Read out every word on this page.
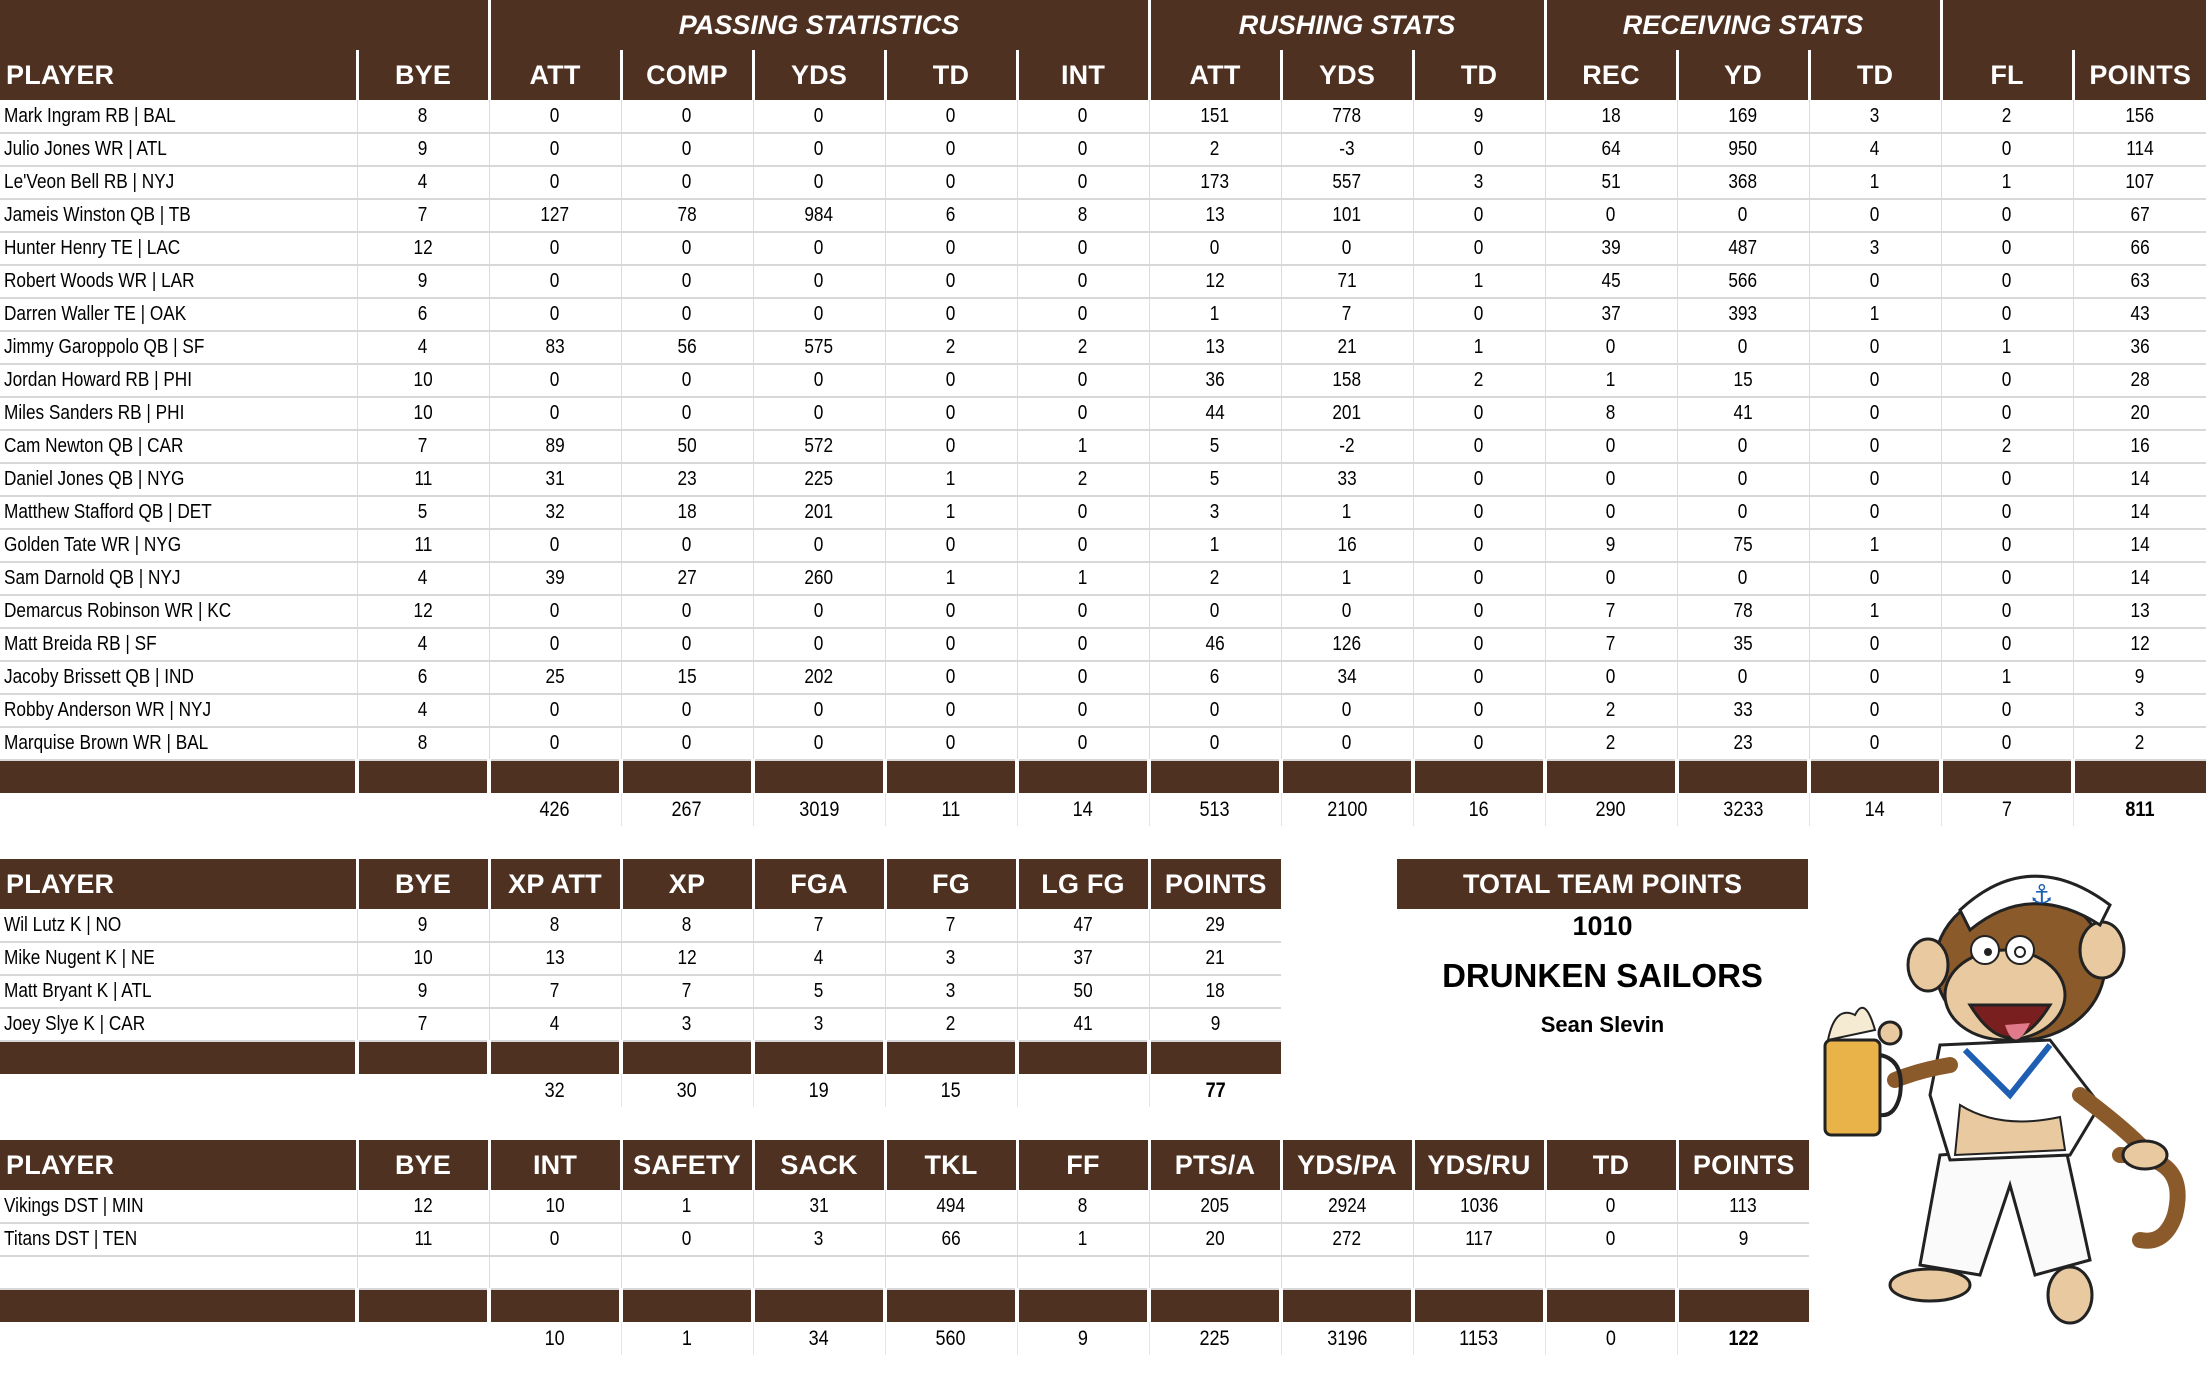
		PASSING STATISTICS					RUSHING STATS			RECEIVING STATS				
PLAYER	BYE	ATT	COMP	YDS	TD	INT	ATT	YDS	TD	REC	YD	TD	FL	POINTS
Mark Ingram RB | BAL	8	0	0	0	0	0	151	778	9	18	169	3	2	156
Julio Jones WR | ATL	9	0	0	0	0	0	2	-3	0	64	950	4	0	114
Le'Veon Bell RB | NYJ	4	0	0	0	0	0	173	557	3	51	368	1	1	107
Jameis Winston QB | TB	7	127	78	984	6	8	13	101	0	0	0	0	0	67
Hunter Henry TE | LAC	12	0	0	0	0	0	0	0	0	39	487	3	0	66
Robert Woods WR | LAR	9	0	0	0	0	0	12	71	1	45	566	0	0	63
Darren Waller TE | OAK	6	0	0	0	0	0	1	7	0	37	393	1	0	43
Jimmy Garoppolo QB | SF	4	83	56	575	2	2	13	21	1	0	0	0	1	36
Jordan Howard RB | PHI	10	0	0	0	0	0	36	158	2	1	15	0	0	28
Miles Sanders RB | PHI	10	0	0	0	0	0	44	201	0	8	41	0	0	20
Cam Newton QB | CAR	7	89	50	572	0	1	5	-2	0	0	0	0	2	16
Daniel Jones QB | NYG	11	31	23	225	1	2	5	33	0	0	0	0	0	14
Matthew Stafford QB | DET	5	32	18	201	1	0	3	1	0	0	0	0	0	14
Golden Tate WR | NYG	11	0	0	0	0	0	1	16	0	9	75	1	0	14
Sam Darnold QB | NYJ	4	39	27	260	1	1	2	1	0	0	0	0	0	14
Demarcus Robinson WR | KC	12	0	0	0	0	0	0	0	0	7	78	1	0	13
Matt Breida RB | SF	4	0	0	0	0	0	46	126	0	7	35	0	0	12
Jacoby Brissett QB | IND	6	25	15	202	0	0	6	34	0	0	0	0	1	9
Robby Anderson WR | NYJ	4	0	0	0	0	0	0	0	0	2	33	0	0	3
Marquise Brown WR | BAL	8	0	0	0	0	0	0	0	0	2	23	0	0	2

		426	267	3019	11	14	513	2100	16	290	3233	14	7	811
PLAYER	BYE	XP ATT	XP	FGA	FG	LG FG	POINTS
Wil Lutz K | NO	9	8	8	7	7	47	29
Mike Nugent K | NE	10	13	12	4	3	37	21
Matt Bryant K | ATL	9	7	7	5	3	50	18
Joey Slye K | CAR	7	4	3	3	2	41	9

		32	30	19	15		77
PLAYER	BYE	INT	SAFETY	SACK	TKL	FF	PTS/A	YDS/PA	YDS/RU	TD	POINTS
Vikings DST | MIN	12	10	1	31	494	8	205	2924	1036	0	113
Titans DST | TEN	11	0	0	3	66	1	20	272	117	0	9

		10	1	34	560	9	225	3196	1153	0	122
TOTAL TEAM POINTS
1010
DRUNKEN SAILORS
Sean Slevin
⚓
